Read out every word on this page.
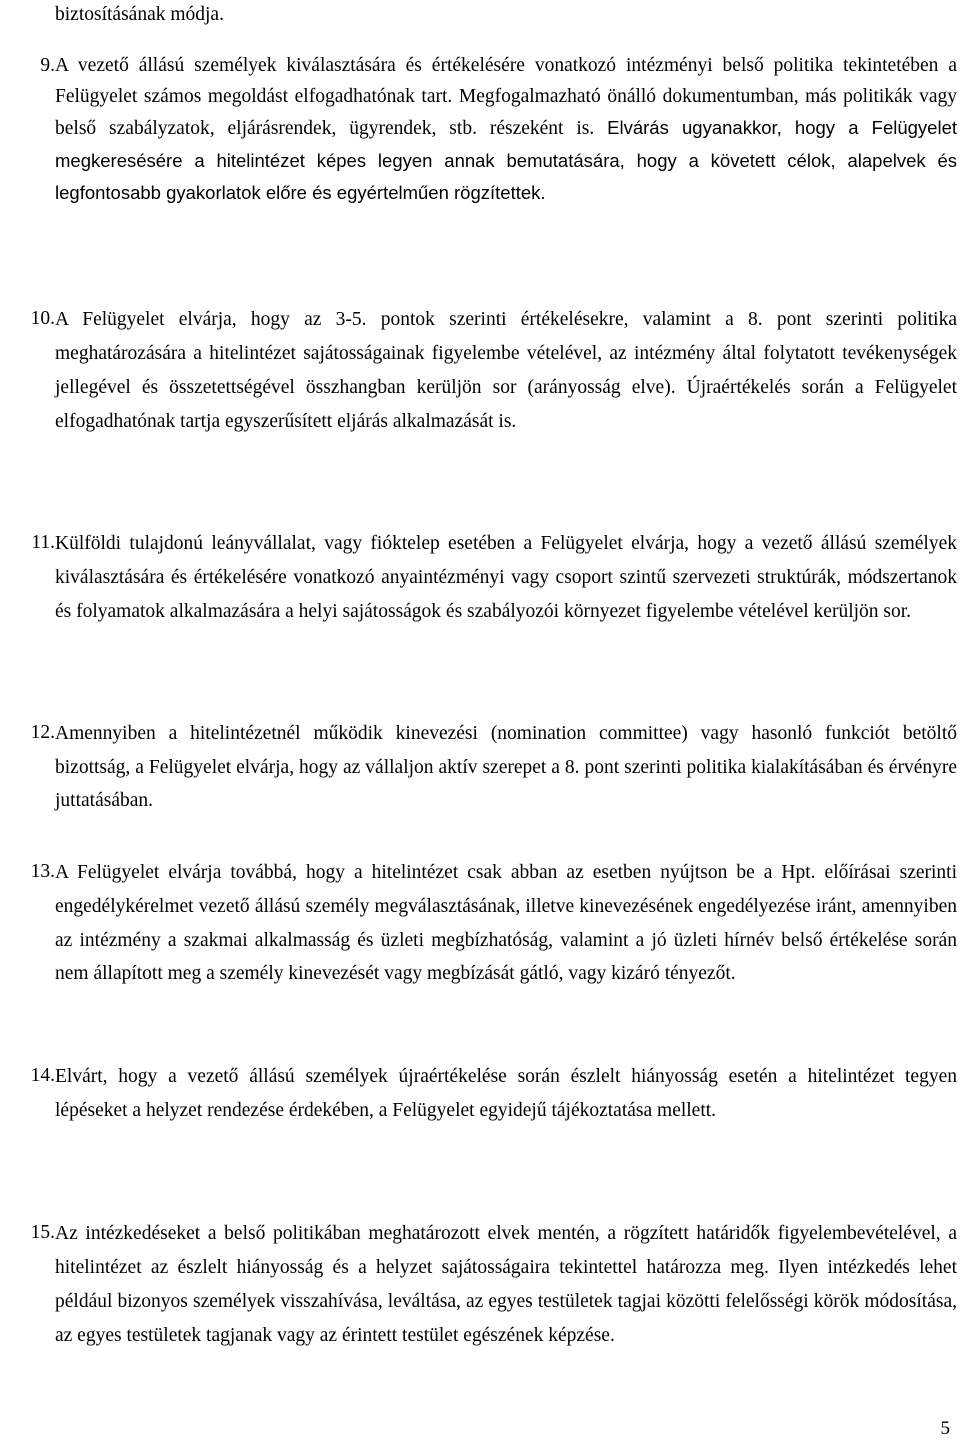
biztosításának módja.
9. A vezető állású személyek kiválasztására és értékelésére vonatkozó intézményi belső politika tekintetében a Felügyelet számos megoldást elfogadhatónak tart. Megfogalmazható önálló dokumentumban, más politikák vagy belső szabályzatok, eljárásrendek, ügyrendek, stb. részeként is. Elvárás ugyanakkor, hogy a Felügyelet megkeresésére a hitelintézet képes legyen annak bemutatására, hogy a követett célok, alapelvek és legfontosabb gyakorlatok előre és egyértelműen rögzítettek.
10. A Felügyelet elvárja, hogy az 3-5. pontok szerinti értékelésekre, valamint a 8. pont szerinti politika meghatározására a hitelintézet sajátosságainak figyelembe vételével, az intézmény által folytatott tevékenységek jellegével és összetettségével összhangban kerüljön sor (arányosság elve). Újraértékelés során a Felügyelet elfogadhatónak tartja egyszerűsített eljárás alkalmazását is.
11. Külföldi tulajdonú leányvállalat, vagy fióktelep esetében a Felügyelet elvárja, hogy a vezető állású személyek kiválasztására és értékelésére vonatkozó anyaintézményi vagy csoport szintű szervezeti struktúrák, módszertanok és folyamatok alkalmazására a helyi sajátosságok és szabályozói környezet figyelembe vételével kerüljön sor.
12. Amennyiben a hitelintézetnél működik kinevezési (nomination committee) vagy hasonló funkciót betöltő bizottság, a Felügyelet elvárja, hogy az vállaljon aktív szerepet a 8. pont szerinti politika kialakításában és érvényre juttatásában.
13. A Felügyelet elvárja továbbá, hogy a hitelintézet csak abban az esetben nyújtson be a Hpt. előírásai szerinti engedélykérelmet vezető állású személy megválasztásának, illetve kinevezésének engedélyezése iránt, amennyiben az intézmény a szakmai alkalmasság és üzleti megbízhatóság, valamint a jó üzleti hírnév belső értékelése során nem állapított meg a személy kinevezését vagy megbízását gátló, vagy kizáró tényezőt.
14. Elvárt, hogy a vezető állású személyek újraértékelése során észlelt hiányosság esetén a hitelintézet tegyen lépéseket a helyzet rendezése érdekében, a Felügyelet egyidejű tájékoztatása mellett.
15. Az intézkedéseket a belső politikában meghatározott elvek mentén, a rögzített határidők figyelembevételével, a hitelintézet az észlelt hiányosság és a helyzet sajátosságaira tekintettel határozza meg. Ilyen intézkedés lehet például bizonyos személyek visszahívása, leváltása, az egyes testületek tagjai közötti felelősségi körök módosítása, az egyes testületek tagjanak vagy az érintett testület egészének képzése.
5
